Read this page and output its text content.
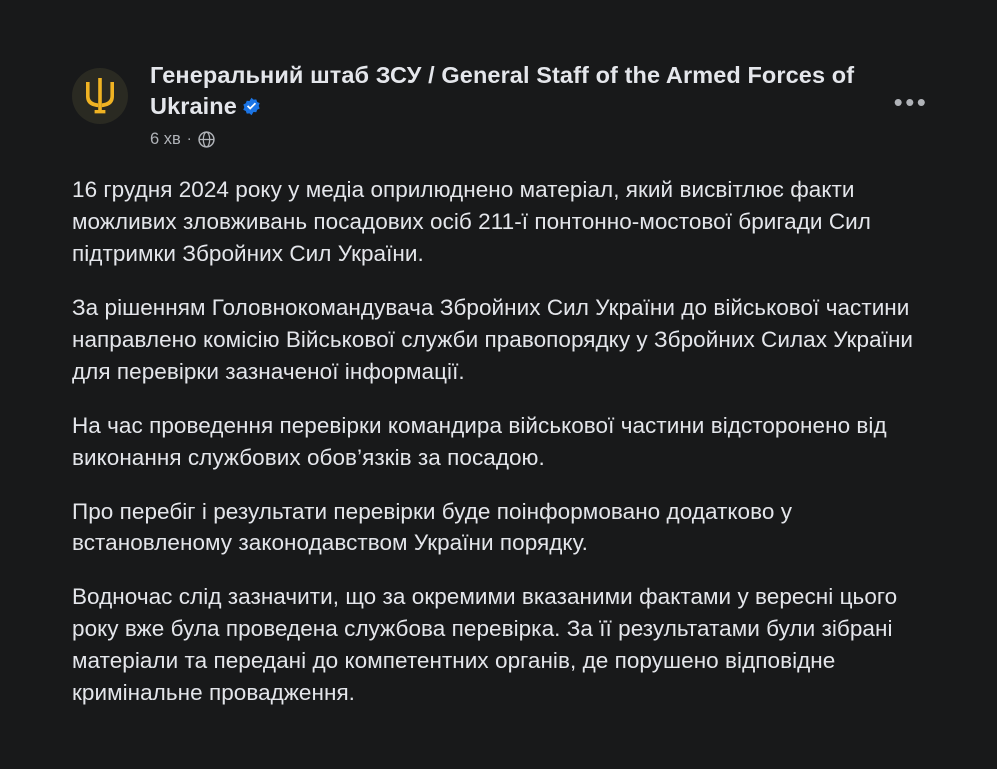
Генеральний штаб ЗСУ / General Staff of the Armed Forces of Ukraine
6 хв ·
•••

16 грудня 2024 року у медіа оприлюднено матеріал, який висвітлює факти можливих зловживань посадових осіб 211-ї понтонно-мостової бригади Сил підтримки Збройних Сил України.

За рішенням Головнокомандувача Збройних Сил України до військової частини направлено комісію Військової служби правопорядку у Збройних Силах України для перевірки зазначеної інформації.

На час проведення перевірки командира військової частини відсторонено від виконання службових обов’язків за посадою.

Про перебіг і результати перевірки буде поінформовано додатково у встановленому законодавством України порядку.

Водночас слід зазначити, що за окремими вказаними фактами у вересні цього року вже була проведена службова перевірка. За її результатами були зібрані матеріали та передані до компетентних органів, де порушено відповідне кримінальне провадження.
